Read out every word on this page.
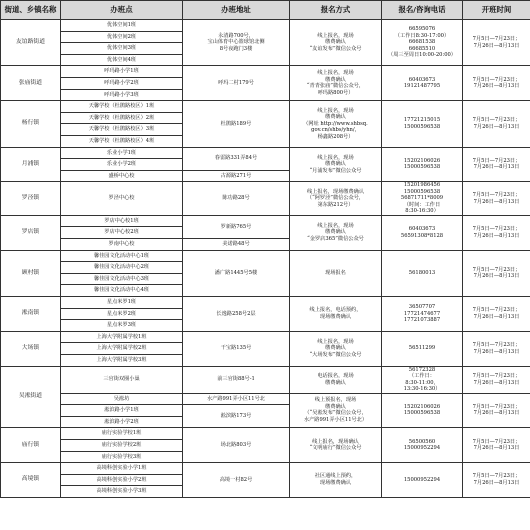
街道、乡镇名称	办班点	办班地址	报名方式	报名/咨询电话	开班时间
友谊路街道	优体空间1班	永清路700号，
宝山体育中心篮球馆北侧
8号夜跑门3楼	线上报名，现场
缴费确认
“友谊发布”微信公众号	66595076
（工作日8:30-17:00）
66681538
66685510
（周三至周日10:00-20:00）	7月5日—7月23日；
7月26日—8月13日
	优体空间2班				
	优体空间3班				
	优体空间4班				
张庙街道	呼玛路小学1班	呼玛二村179号	线上报名，现场
缴费确认
“青青张庙”微信公众号，
呼玛路800号）	60403673
19121487795	7月5日—7月23日；
7月26日—8月13日
	呼玛路小学2班				
	呼玛路小学3班				
杨行镇	天馨学校（杜鹃路校区）1班	杜鹃路189号	线上报名，现场
缴费确认
（网址 http://www.shbsq.
gov.cn/shbs/yhn/，
杨鑫路208号）	17721215015
15000596538	7月5日—7月23日；
7月26日—8月13日
	天馨学校（杜鹃路校区）2班				
	天馨学校（杜鹃路校区）3班				
	天馨学校（杜鹃路校区）4班				
月浦镇	乐业小学1班	春雷路331弄84号	线上报名，现场
缴费确认
“月浦发布”微信公众号	15202106026
15000596538	7月5日—7月23日；
7月26日—8月13日
	乐业小学2班				
	盛桥中心校	古源路271号			
罗泾镇	罗泾中心校	陈功路28号	线上报名，现场缴费确认
（“阿罗泾”微信公众号，
第东路212号）	15201986456
15000596538
56871711*8009
（时间：工作日
8:30-16:30）	7月5日—7月23日；
7月26日—8月13日
罗店镇	罗店中心校1班	罗新路765号	线上报名，现场
缴费确认
“金罗店365”微信公众号	60403673
56591308*8128	7月5日—7月23日；
7月26日—8月13日
	罗店中心校2班				
	罗南中心校	美诺路48号			
顾村镇	馨佳园文化活动中心1班	潘广路1445号5楼	现场报名	56180013	7月5日—7月23日；
7月26日—8月13日
	馨佳园文化活动中心2班				
	馨佳园文化活动中心3班				
	馨佳园文化活动中心4班				
淞南镇	星点米罗1班	长逸路258号2层	线上报名，电话预约，
现场缴费确认	36507707
17721474677
17721073887	7月5日—7月23日；
7月26日—8月13日
	星点米罗2班				
	星点米罗3班				
大场镇	上海大学附属学校1班	干宝路135号	线上报名，现场
缴费确认
“大场发布”微信公众号	56511299	7月5日—7月23日；
7月26日—8月13日
	上海大学附属学校2班				
	上海大学附属学校3班				
吴淞街道	三官街双圈小巢	前三官街88号-1	电话报名，现场
缴费确认	56172328
（工作日：
8:30-11:00，
13:30-16:30）	7月5日—7月23日；
7月26日—8月13日
	吴淞坊	水产路991弄小区11号北	线上预报名，现场
缴费确认
（“吴淞发布”微信公众号，
水产路991弄小区11号北）	15202106026
15000596538	7月5日—7月23日；
7月26日—8月13日
	淞滨路小学1班	淞滨路173号			
	淞滨路小学2班				
庙行镇	庙行实验学校1班	场北路803号	线上报名，现场确认
“文明庙行”微信公众号	56500560
15000952294	7月5日—7月23日；
7月26日—8月13日
	庙行实验学校2班				
	庙行实验学校3班				
高境镇	高境科创实验小学1班	高境一村82号	社区通线上预约，
现场缴费确认	15000952294	7月5日—7月23日；
7月26日—8月13日
	高境科创实验小学2班				
	高境科创实验小学3班				
